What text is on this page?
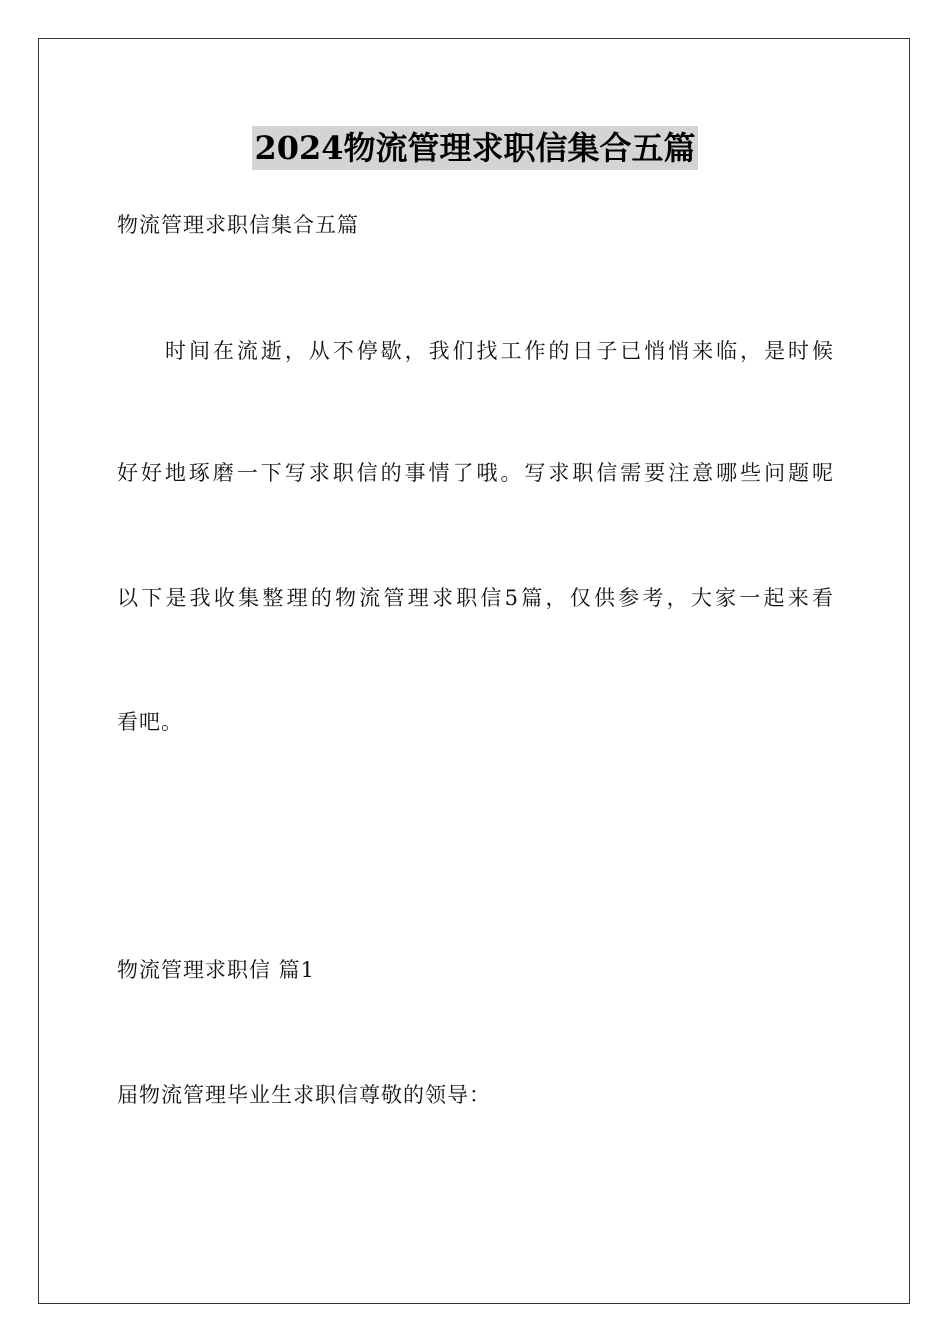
2024物流管理求职信集合五篇
物流管理求职信集合五篇
时间在流逝，从不停歇，我们找工作的日子已悄悄来临，是时候
好好地琢磨一下写求职信的事情了哦。写求职信需要注意哪些问题呢
以下是我收集整理的物流管理求职信5篇，仅供参考，大家一起来看
看吧。
物流管理求职信 篇1
届物流管理毕业生求职信尊敬的领导：
